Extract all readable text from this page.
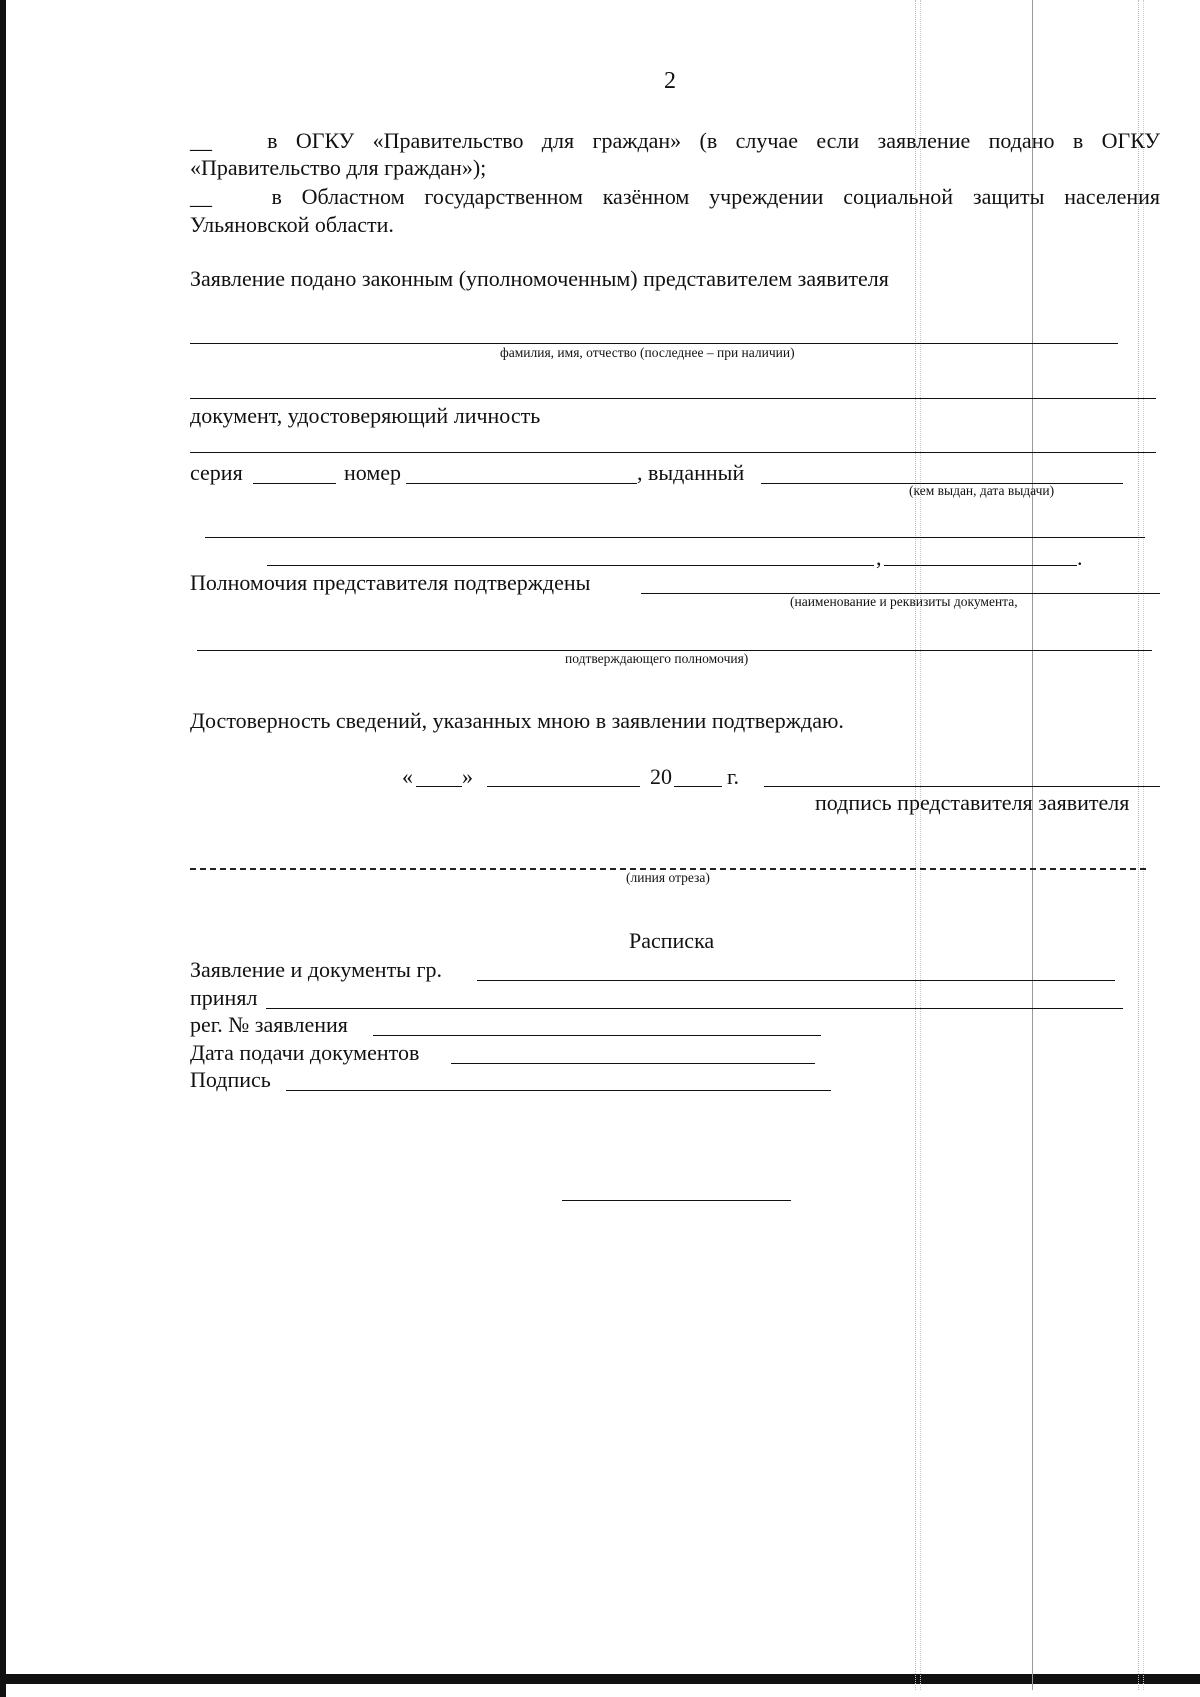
2
__	в ОГКУ «Правительство для граждан» (в случае если заявление подано в ОГКУ
«Правительство для граждан»);
__	в Областном государственном казённом учреждении социальной защиты населения
Ульяновской области.
Заявление подано законным (уполномоченным) представителем заявителя
фамилия, имя, отчество (последнее – при наличии)
документ, удостоверяющий личность
серия	номер	, выданный
(кем выдан, дата выдачи)
,	.
Полномочия представителя подтверждены
(наименование и реквизиты документа,
подтверждающего полномочия)
Достоверность сведений, указанных мною в заявлении подтверждаю.
« »	20	г.
подпись представителя заявителя
(линия отреза)
Расписка
Заявление и документы гр.
принял
рег. № заявления
Дата подачи документов
Подпись
